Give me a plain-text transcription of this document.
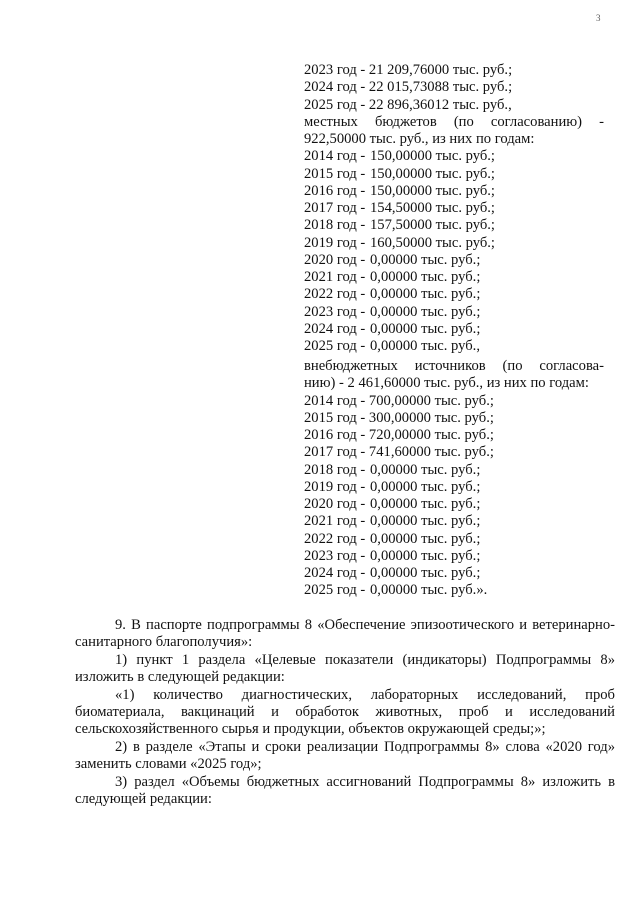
3
2023 год - 21 209,76000 тыс. руб.;
2024 год - 22 015,73088 тыс. руб.;
2025 год - 22 896,36012 тыс. руб.,
местных бюджетов (по согласованию) -
922,50000 тыс. руб., из них по годам:
2014 год - 150,00000 тыс. руб.;
2015 год - 150,00000 тыс. руб.;
2016 год - 150,00000 тыс. руб.;
2017 год - 154,50000 тыс. руб.;
2018 год - 157,50000 тыс. руб.;
2019 год - 160,50000 тыс. руб.;
2020 год - 0,00000 тыс. руб.;
2021 год - 0,00000 тыс. руб.;
2022 год - 0,00000 тыс. руб.;
2023 год - 0,00000 тыс. руб.;
2024 год - 0,00000 тыс. руб.;
2025 год - 0,00000 тыс. руб.,
внебюджетных источников (по согласова-
нию) - 2 461,60000 тыс. руб., из них по годам:
2014 год - 700,00000 тыс. руб.;
2015 год - 300,00000 тыс. руб.;
2016 год - 720,00000 тыс. руб.;
2017 год - 741,60000 тыс. руб.;
2018 год - 0,00000 тыс. руб.;
2019 год - 0,00000 тыс. руб.;
2020 год - 0,00000 тыс. руб.;
2021 год - 0,00000 тыс. руб.;
2022 год - 0,00000 тыс. руб.;
2023 год - 0,00000 тыс. руб.;
2024 год - 0,00000 тыс. руб.;
2025 год - 0,00000 тыс. руб.».

9. В паспорте подпрограммы 8 «Обеспечение эпизоотического и ветеринарно-санитарного благополучия»:

1) пункт 1 раздела «Целевые показатели (индикаторы) Подпрограммы 8» изложить в следующей редакции:

«1) количество диагностических, лабораторных исследований, проб биоматериала, вакцинаций и обработок животных, проб и исследований сельскохозяйственного сырья и продукции, объектов окружающей среды;»;

2) в разделе «Этапы и сроки реализации Подпрограммы 8» слова «2020 год» заменить словами «2025 год»;

3) раздел «Объемы бюджетных ассигнований Подпрограммы 8» изложить в следующей редакции:
